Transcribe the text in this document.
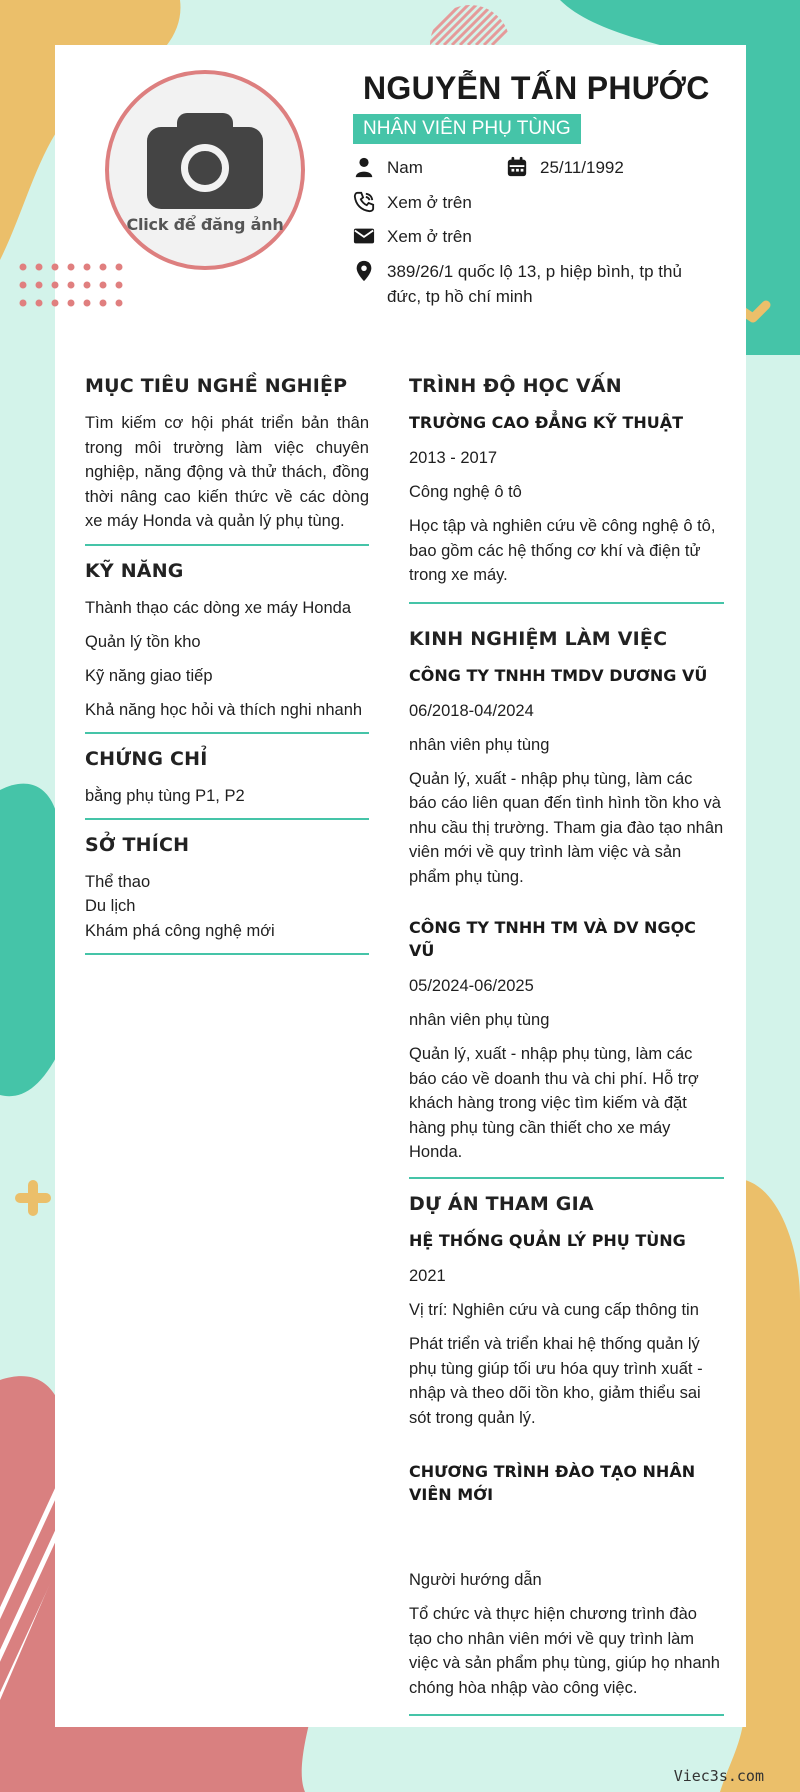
Click để đăng ảnh
NGUYỄN TẤN PHƯỚC
NHÂN VIÊN PHỤ TÙNG
Nam	25/11/1992
Xem ở trên
Xem ở trên
389/26/1 quốc lộ 13, p hiệp bình, tp thủ đức, tp hồ chí minh
MỤC TIÊU NGHỀ NGHIỆP
Tìm kiếm cơ hội phát triển bản thân trong môi trường làm việc chuyên nghiệp, năng động và thử thách, đồng thời nâng cao kiến thức về các dòng xe máy Honda và quản lý phụ tùng.
KỸ NĂNG
Thành thạo các dòng xe máy Honda
Quản lý tồn kho
Kỹ năng giao tiếp
Khả năng học hỏi và thích nghi nhanh
CHỨNG CHỈ
bằng phụ tùng P1, P2
SỞ THÍCH
Thể thao
Du lịch
Khám phá công nghệ mới
TRÌNH ĐỘ HỌC VẤN
TRƯỜNG CAO ĐẲNG KỸ THUẬT
2013 - 2017
Công nghệ ô tô
Học tập và nghiên cứu về công nghệ ô tô, bao gồm các hệ thống cơ khí và điện tử trong xe máy.
KINH NGHIỆM LÀM VIỆC
CÔNG TY TNHH TMDV DƯƠNG VŨ
06/2018-04/2024
nhân viên phụ tùng
Quản lý, xuất - nhập phụ tùng, làm các báo cáo liên quan đến tình hình tồn kho và nhu cầu thị trường. Tham gia đào tạo nhân viên mới về quy trình làm việc và sản phẩm phụ tùng.
CÔNG TY TNHH TM VÀ DV NGỌC VŨ
05/2024-06/2025
nhân viên phụ tùng
Quản lý, xuất - nhập phụ tùng, làm các báo cáo về doanh thu và chi phí. Hỗ trợ khách hàng trong việc tìm kiếm và đặt hàng phụ tùng cần thiết cho xe máy Honda.
DỰ ÁN THAM GIA
HỆ THỐNG QUẢN LÝ PHỤ TÙNG
2021
Vị trí: Nghiên cứu và cung cấp thông tin
Phát triển và triển khai hệ thống quản lý phụ tùng giúp tối ưu hóa quy trình xuất - nhập và theo dõi tồn kho, giảm thiểu sai sót trong quản lý.
CHƯƠNG TRÌNH ĐÀO TẠO NHÂN VIÊN MỚI
Người hướng dẫn
Tổ chức và thực hiện chương trình đào tạo cho nhân viên mới về quy trình làm việc và sản phẩm phụ tùng, giúp họ nhanh chóng hòa nhập vào công việc.
Viec3s.com
